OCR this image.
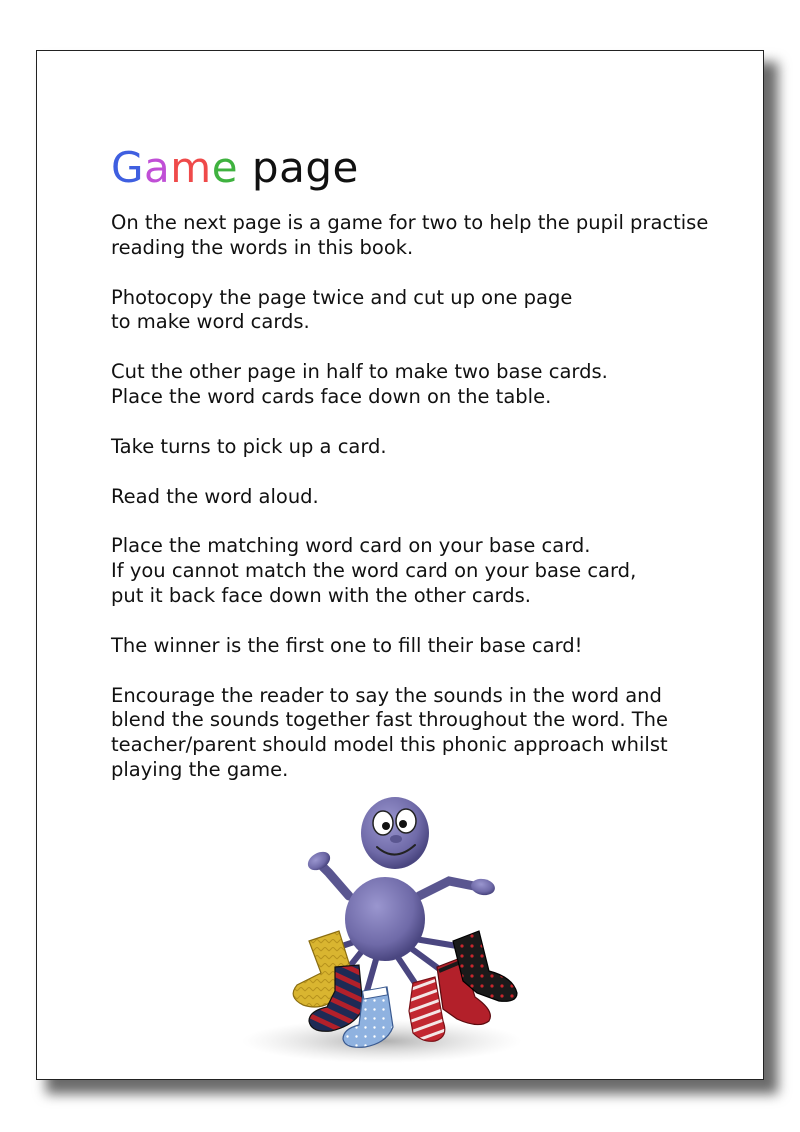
Game page

On the next page is a game for two to help the pupil practise
reading the words in this book.

Photocopy the page twice and cut up one page
to make word cards.

Cut the other page in half to make two base cards.
Place the word cards face down on the table.

Take turns to pick up a card.

Read the word aloud.

Place the matching word card on your base card.
If you cannot match the word card on your base card,
put it back face down with the other cards.

The winner is the first one to fill their base card!

Encourage the reader to say the sounds in the word and
blend the sounds together fast throughout the word. The
teacher/parent should model this phonic approach whilst
playing the game.
